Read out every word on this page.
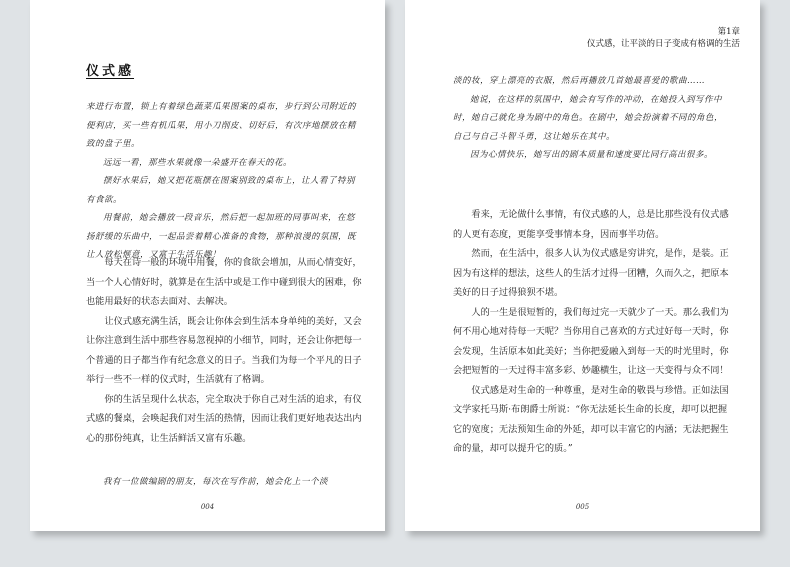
仪式感

来进行布置，锁上有着绿色蔬菜瓜果图案的桌布，步行到公司附近的便利店，买一些有机瓜果，用小刀削皮、切好后，有次序地摆放在精致的盘子里。

远远一看，那些水果就像一朵盛开在春天的花。

摆好水果后，她又把花瓶摆在图案别致的桌布上，让人看了特别有食欲。

用餐前，她会播放一段音乐，然后把一起加班的同事叫来，在悠扬舒缓的乐曲中，一起品尝着精心准备的食物，那种浪漫的氛围，既让人放松惬意，又富于生活乐趣！

每天在诗一般的环境中用餐，你的食欲会增加，从而心情变好，当一个人心情好时，就算是在生活中或是工作中碰到很大的困难，你也能用最好的状态去面对、去解决。

让仪式感充满生活，既会让你体会到生活本身单纯的美好，又会让你注意到生活中那些容易忽视掉的小细节，同时，还会让你把每一个普通的日子都当作有纪念意义的日子。当我们为每一个平凡的日子举行一些不一样的仪式时，生活就有了格调。

你的生活呈现什么状态，完全取决于你自己对生活的追求，有仪式感的餐桌，会唤起我们对生活的热情，因而让我们更好地表达出内心的那份纯真，让生活鲜活又富有乐趣。

我有一位做编剧的朋友，每次在写作前，她会化上一个淡

004
第1章
仪式感，让平淡的日子变成有格调的生活

淡的妆，穿上漂亮的衣服，然后再播放几首她最喜爱的歌曲……

她说，在这样的氛围中，她会有写作的冲动，在她投入到写作中时，她自己就化身为剧中的角色。在剧中，她会扮演着不同的角色，自己与自己斗智斗勇，这让她乐在其中。

因为心情快乐，她写出的剧本质量和速度要比同行高出很多。

看来，无论做什么事情，有仪式感的人，总是比那些没有仪式感的人更有态度，更能享受事情本身，因而事半功倍。

然而，在生活中，很多人认为仪式感是穷讲究，是作，是装。正因为有这样的想法，这些人的生活才过得一团糟，久而久之，把原本美好的日子过得狼狈不堪。

人的一生是很短暂的，我们每过完一天就少了一天。那么我们为何不用心地对待每一天呢？当你用自己喜欢的方式过好每一天时，你会发现，生活原本如此美好；当你把爱融入到每一天的时光里时，你会把短暂的一天过得丰富多彩、妙趣横生，让这一天变得与众不同！

仪式感是对生命的一种尊重，是对生命的敬畏与珍惜。正如法国文学家托马斯·布朗爵士所说：“你无法延长生命的长度，却可以把握它的宽度；无法预知生命的外延，却可以丰富它的内涵；无法把握生命的量，却可以提升它的质。”

005
